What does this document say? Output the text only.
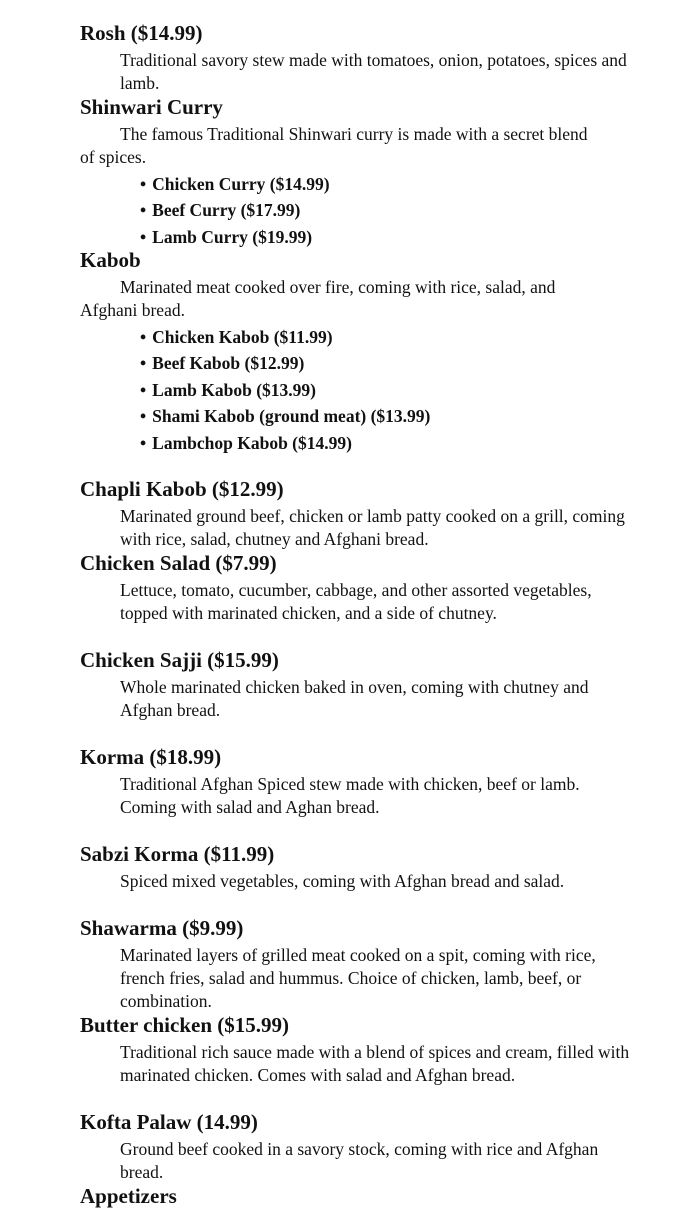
Rosh ($14.99)

Traditional savory stew made with tomatoes, onion, potatoes, spices and lamb.

Shinwari Curry

The famous Traditional Shinwari curry is made with a secret blend of spices.

• Chicken Curry ($14.99)
• Beef Curry ($17.99)
• Lamb Curry ($19.99)
Kabob

Marinated meat cooked over fire, coming with rice, salad, and Afghani bread.

• Chicken Kabob ($11.99)
• Beef Kabob ($12.99)
• Lamb Kabob ($13.99)
• Shami Kabob (ground meat) ($13.99)
• Lambchop Kabob ($14.99)
Chapli Kabob ($12.99)

Marinated ground beef, chicken or lamb patty cooked on a grill, coming with rice, salad, chutney and Afghani bread.

Chicken Salad ($7.99)

Lettuce, tomato, cucumber, cabbage, and other assorted vegetables, topped with marinated chicken, and a side of chutney.

Chicken Sajji ($15.99)

Whole marinated chicken baked in oven, coming with chutney and Afghan bread.

Korma ($18.99)

Traditional Afghan Spiced stew made with chicken, beef or lamb. Coming with salad and Aghan bread.

Sabzi Korma ($11.99)

Spiced mixed vegetables, coming with Afghan bread and salad.

Shawarma ($9.99)

Marinated layers of grilled meat cooked on a spit, coming with rice, french fries, salad and hummus. Choice of chicken, lamb, beef, or combination.

Butter chicken ($15.99)

Traditional rich sauce made with a blend of spices and cream, filled with marinated chicken. Comes with salad and Afghan bread.

Kofta Palaw (14.99)

Ground beef cooked in a savory stock, coming with rice and Afghan bread.

Appetizers
